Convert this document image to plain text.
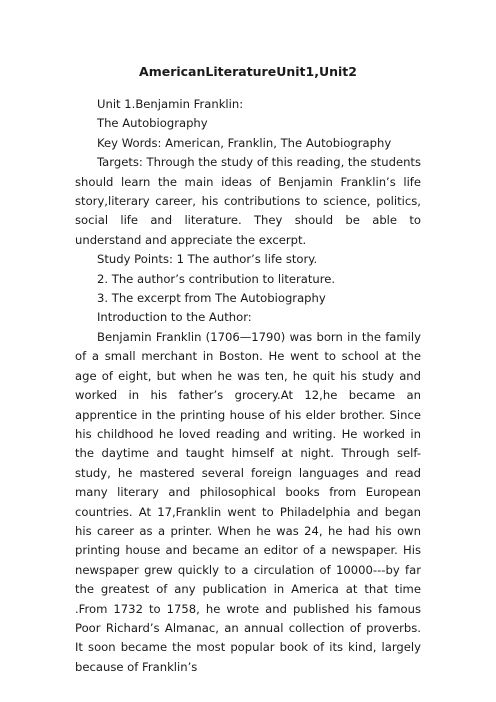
AmericanLiteratureUnit1,Unit2

Unit 1.Benjamin Franklin:

The Autobiography

Key Words: American, Franklin, The Autobiography

Targets: Through the study of this reading, the students should learn the main ideas of Benjamin Franklin’s life story,literary career, his contributions to science, politics, social life and literature. They should be able to understand and appreciate the excerpt.

Study Points: 1 The author’s life story.

2. The author’s contribution to literature.

3. The excerpt from The Autobiography

Introduction to the Author:

Benjamin Franklin (1706—1790) was born in the family of a small merchant in Boston. He went to school at the age of eight, but when he was ten, he quit his study and worked in his father’s grocery.At 12,he became an apprentice in the printing house of his elder brother. Since his childhood he loved reading and writing. He worked in the daytime and taught himself at night. Through self-study, he mastered several foreign languages and read many literary and philosophical books from European countries. At 17,Franklin went to Philadelphia and began his career as a printer. When he was 24, he had his own printing house and became an editor of a newspaper. His newspaper grew quickly to a circulation of 10000---by far the greatest of any publication in America at that time .From 1732 to 1758, he wrote and published his famous Poor Richard’s Almanac, an annual collection of proverbs. It soon became the most popular book of its kind, largely because of Franklin’s
